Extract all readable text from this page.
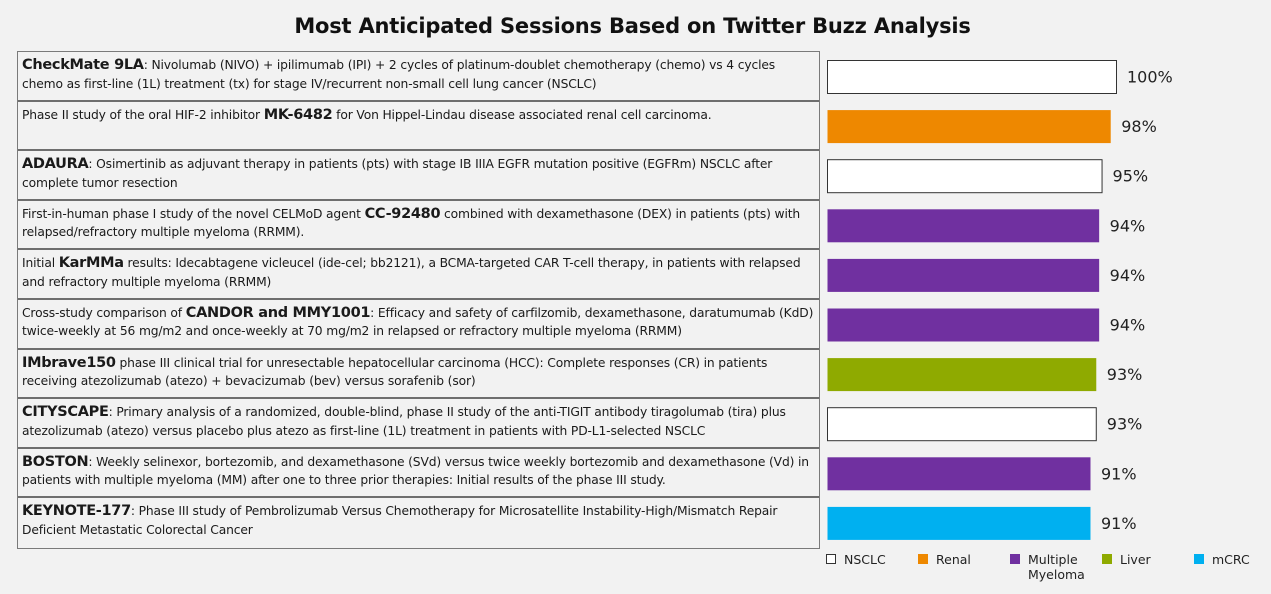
Most Anticipated Sessions Based on Twitter Buzz Analysis
CheckMate 9LA: Nivolumab (NIVO) + ipilimumab (IPI) + 2 cycles of platinum-doublet chemotherapy (chemo) vs 4 cycles chemo as first-line (1L) treatment (tx) for stage IV/recurrent non-small cell lung cancer (NSCLC)
Phase II study of the oral HIF-2 inhibitor MK-6482 for Von Hippel-Lindau disease associated renal cell carcinoma.
ADAURA: Osimertinib as adjuvant therapy in patients (pts) with stage IB IIIA EGFR mutation positive (EGFRm) NSCLC after complete tumor resection
First-in-human phase I study of the novel CELMoD agent CC-92480 combined with dexamethasone (DEX) in patients (pts) with relapsed/refractory multiple myeloma (RRMM).
Initial KarMMa results: Idecabtagene vicleucel (ide-cel; bb2121), a BCMA-targeted CAR T-cell therapy, in patients with relapsed and refractory multiple myeloma (RRMM)
Cross-study comparison of CANDOR and MMY1001: Efficacy and safety of carfilzomib, dexamethasone, daratumumab (KdD) twice-weekly at 56 mg/m2 and once-weekly at 70 mg/m2 in relapsed or refractory multiple myeloma (RRMM)
IMbrave150 phase III clinical trial for unresectable hepatocellular carcinoma (HCC): Complete responses (CR) in patients receiving atezolizumab (atezo) + bevacizumab (bev) versus sorafenib (sor)
CITYSCAPE: Primary analysis of a randomized, double-blind, phase II study of the anti-TIGIT antibody tiragolumab (tira) plus atezolizumab (atezo) versus placebo plus atezo as first-line (1L) treatment in patients with PD-L1-selected NSCLC
BOSTON: Weekly selinexor, bortezomib, and dexamethasone (SVd) versus twice weekly bortezomib and dexamethasone (Vd) in patients with multiple myeloma (MM) after one to three prior therapies: Initial results of the phase III study.
KEYNOTE-177: Phase III study of Pembrolizumab Versus Chemotherapy for Microsatellite Instability-High/Mismatch Repair Deficient Metastatic Colorectal Cancer
100%
98%
95%
94%
94%
94%
93%
93%
91%
91%
NSCLC	Renal	Multiple
Myeloma
Liver	mCRC
